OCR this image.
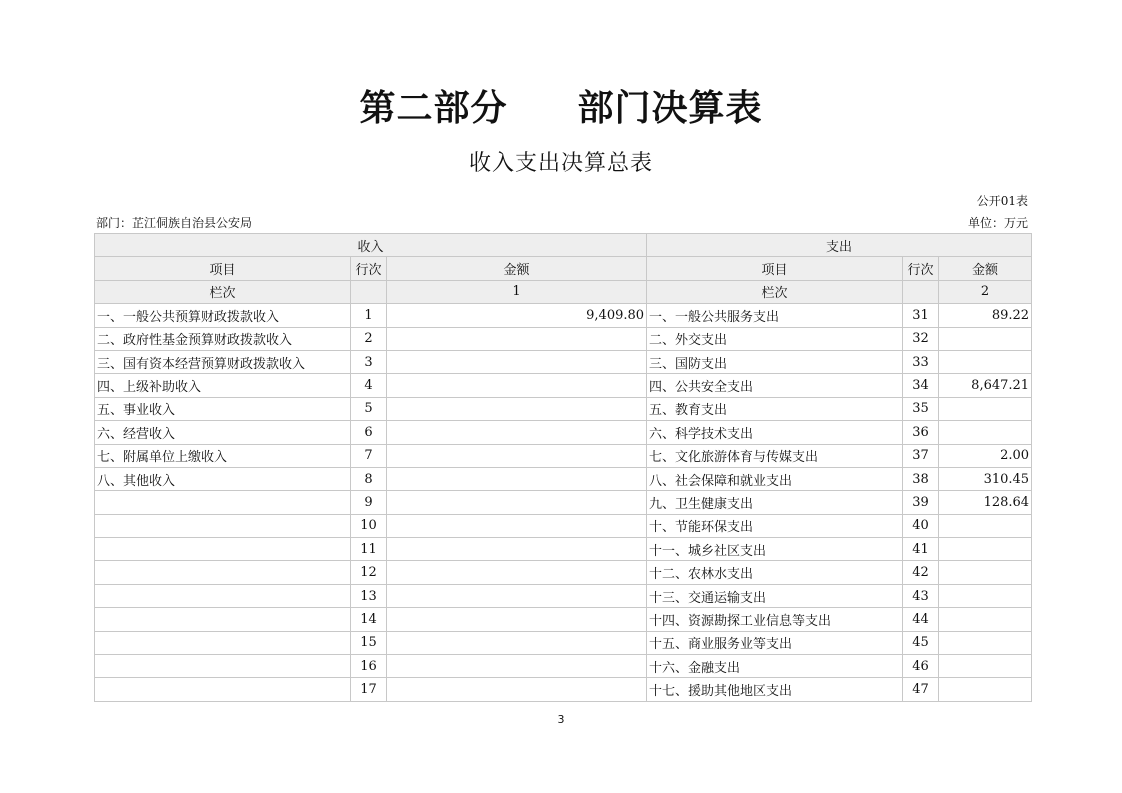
第二部分 部门决算表
收入支出决算总表
公开01表
部门：芷江侗族自治县公安局	单位：万元
收入			支出		
项目	行次	金额	项目	行次	金额
栏次		1	栏次		2
一、一般公共预算财政拨款收入	1	9,409.80	一、一般公共服务支出	31	89.22
二、政府性基金预算财政拨款收入	2		二、外交支出	32	
三、国有资本经营预算财政拨款收入	3		三、国防支出	33	
四、上级补助收入	4		四、公共安全支出	34	8,647.21
五、事业收入	5		五、教育支出	35	
六、经营收入	6		六、科学技术支出	36	
七、附属单位上缴收入	7		七、文化旅游体育与传媒支出	37	2.00
八、其他收入	8		八、社会保障和就业支出	38	310.45
	9		九、卫生健康支出	39	128.64
	10		十、节能环保支出	40	
	11		十一、城乡社区支出	41	
	12		十二、农林水支出	42	
	13		十三、交通运输支出	43	
	14		十四、资源勘探工业信息等支出	44	
	15		十五、商业服务业等支出	45	
	16		十六、金融支出	46	
	17		十七、援助其他地区支出	47	
3
